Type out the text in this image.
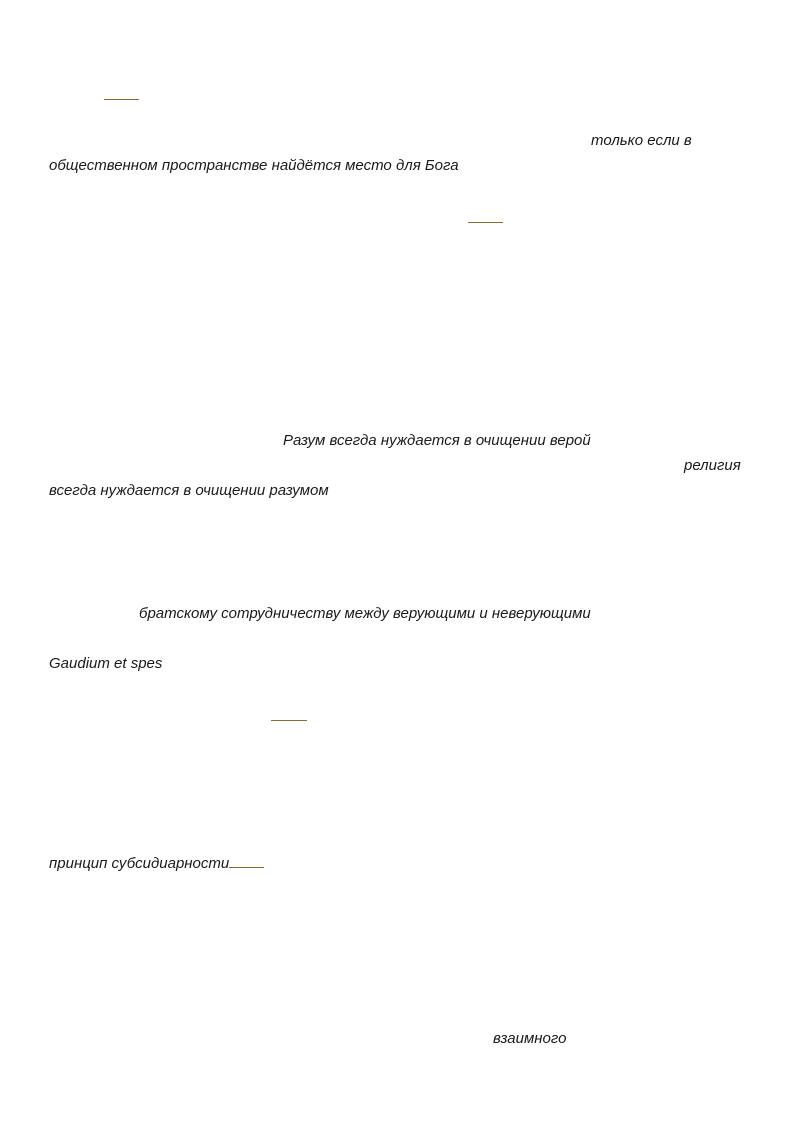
только если в
общественном пространстве найдётся место для Бога
Разум всегда нуждается в очищении верой
религия
всегда нуждается в очищении разумом
братскому сотрудничеству между верующими и неверующими
Gaudium et spes
принцип субсидиарности
взаимного
